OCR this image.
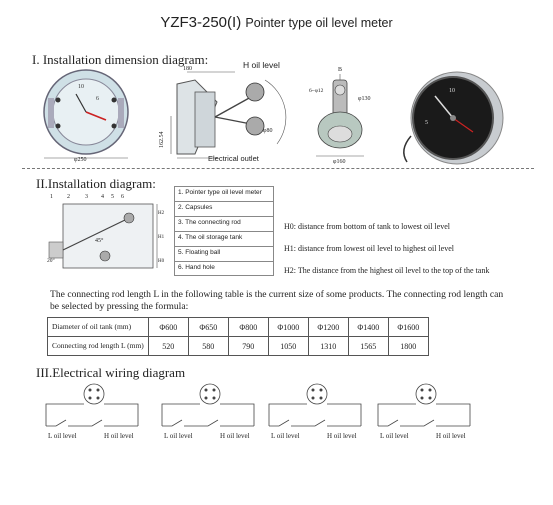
YZF3-250(I) Pointer type oil level meter
I. Installation dimension diagram:
10
6
φ250
180
φ80
162.54
H oil level
Electrical outlet
B
6~φ12
φ130
φ160
10
5
II.Installation diagram:
1 2	3 4 5 6
45°
20°
H2
H1
H0
1. Pointer type oil level meter
2. Capsules
3. The connecting rod
4. The oil storage tank
5. Floating ball
6. Hand hole
H0: distance from bottom of tank to lowest oil level
H1: distance from lowest oil level to highest oil level
H2: The distance from the highest oil level to the top of the tank
The connecting rod length L in the following table is the current size of some products. The connecting rod length can be selected by pressing the formula:
Diameter of oil tank (mm)	Φ600	Φ650	Φ800	Φ1000	Φ1200	Φ1400	Φ1600
Connecting rod length L (mm)	520	580	790	1050	1310	1565	1800
III.Electrical wiring diagram
L oil level	H oil level	L oil level	H oil level	L oil level	H oil level	L oil level	H oil level
